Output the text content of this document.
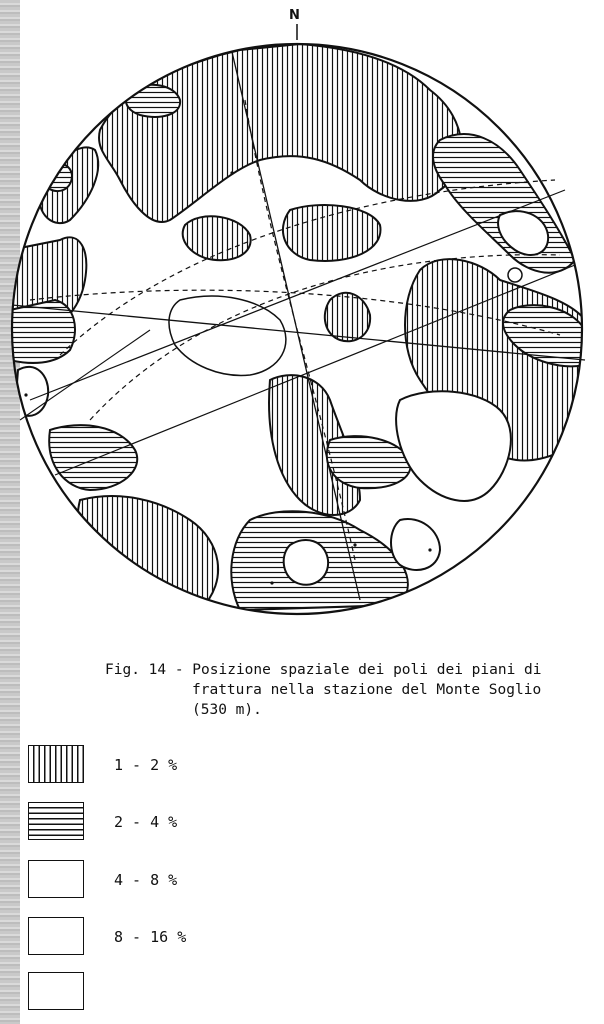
N
Fig. 14 - Posizione spaziale dei poli dei piani di
frattura nella stazione del Monte Soglio
(530 m).
1 - 2 %
2 - 4 %
4 - 8 %
8 - 16 %
